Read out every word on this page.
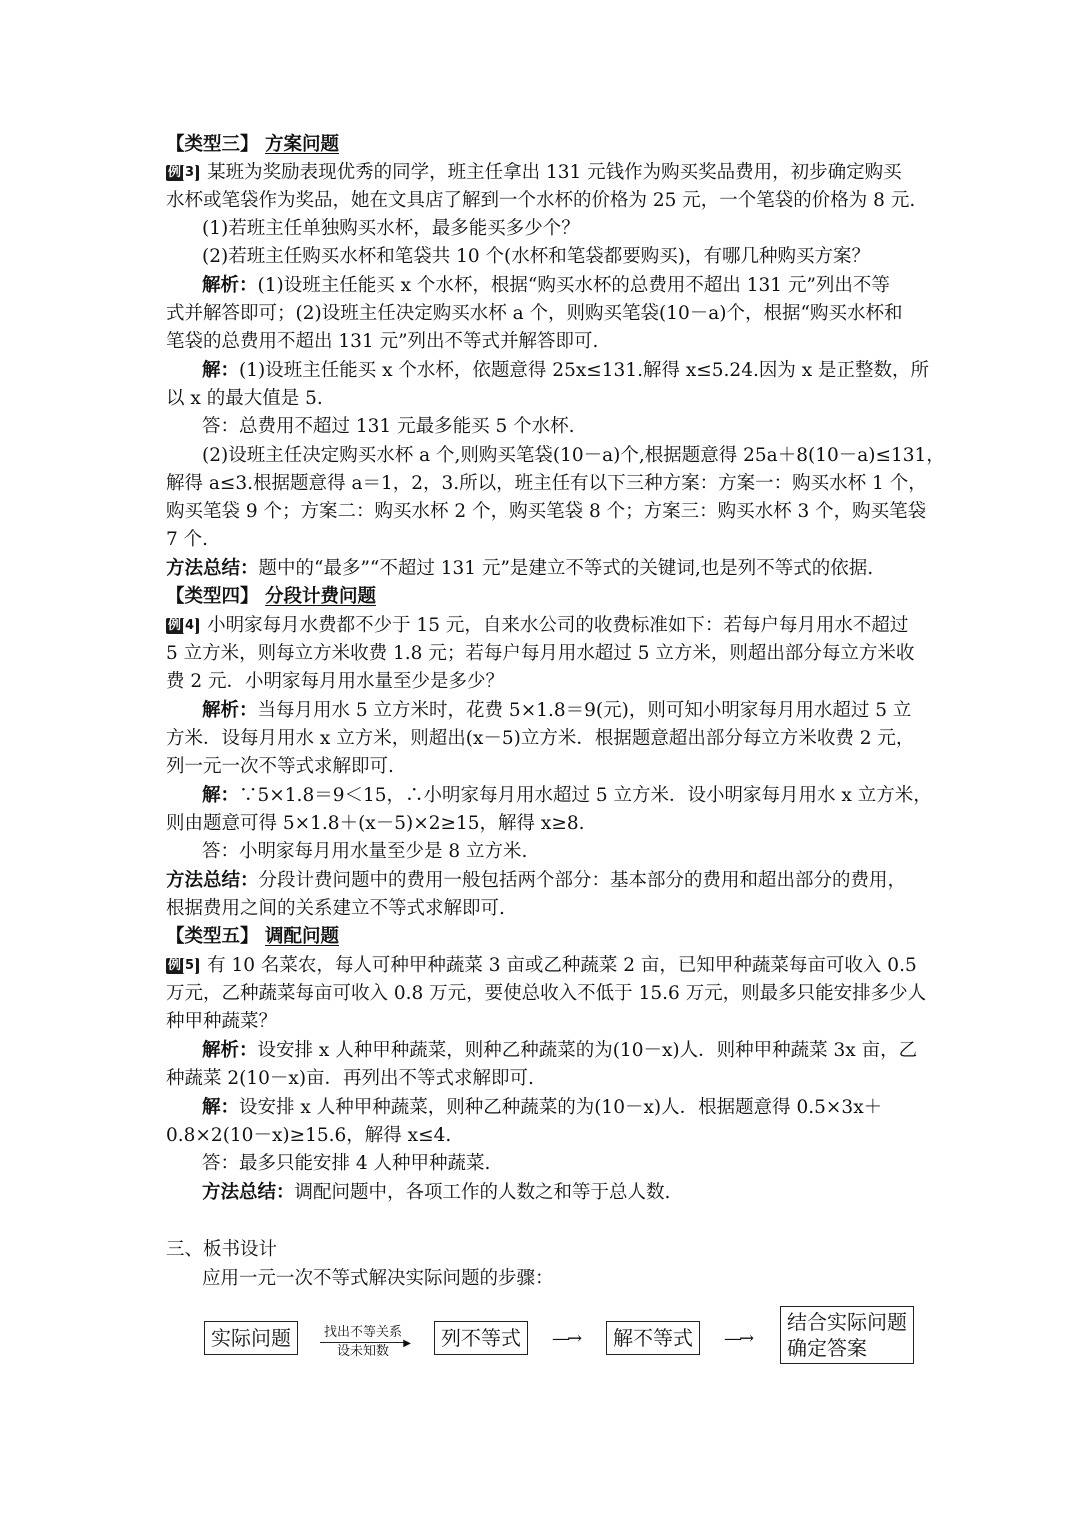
【类型三】 方案问题
例 3 某班为奖励表现优秀的同学，班主任拿出 131 元钱作为购买奖品费用，初步确定购买
水杯或笔袋作为奖品，她在文具店了解到一个水杯的价格为 25 元，一个笔袋的价格为 8 元.
(1)若班主任单独购买水杯，最多能买多少个？
(2)若班主任购买水杯和笔袋共 10 个(水杯和笔袋都要购买)，有哪几种购买方案？
解析：(1)设班主任能买 x 个水杯，根据“购买水杯的总费用不超出 131 元”列出不等
式并解答即可；(2)设班主任决定购买水杯 a 个，则购买笔袋(10－a)个，根据“购买水杯和
笔袋的总费用不超出 131 元”列出不等式并解答即可.
解：(1)设班主任能买 x 个水杯，依题意得 25x≤131.解得 x≤5.24.因为 x 是正整数，所
以 x 的最大值是 5.
答：总费用不超过 131 元最多能买 5 个水杯.
(2)设班主任决定购买水杯 a 个,则购买笔袋(10－a)个,根据题意得 25a＋8(10－a)≤131，
解得 a≤3.根据题意得 a＝1，2，3.所以，班主任有以下三种方案：方案一：购买水杯 1 个，
购买笔袋 9 个；方案二：购买水杯 2 个，购买笔袋 8 个；方案三：购买水杯 3 个，购买笔袋
7 个.
方法总结：题中的“最多”“不超过 131 元”是建立不等式的关键词,也是列不等式的依据.
【类型四】 分段计费问题
例 4 小明家每月水费都不少于 15 元，自来水公司的收费标准如下：若每户每月用水不超过
5 立方米，则每立方米收费 1.8 元；若每户每月用水超过 5 立方米，则超出部分每立方米收
费 2 元．小明家每月用水量至少是多少？
解析：当每月用水 5 立方米时，花费 5×1.8＝9(元)，则可知小明家每月用水超过 5 立
方米．设每月用水 x 立方米，则超出(x－5)立方米．根据题意超出部分每立方米收费 2 元，
列一元一次不等式求解即可.
解：∵5×1.8＝9＜15，∴小明家每月用水超过 5 立方米．设小明家每月用水 x 立方米，
则由题意可得 5×1.8＋(x－5)×2≥15，解得 x≥8.
答：小明家每月用水量至少是 8 立方米.
方法总结：分段计费问题中的费用一般包括两个部分：基本部分的费用和超出部分的费用，
根据费用之间的关系建立不等式求解即可.
【类型五】 调配问题
例 5 有 10 名菜农，每人可种甲种蔬菜 3 亩或乙种蔬菜 2 亩，已知甲种蔬菜每亩可收入 0.5
万元，乙种蔬菜每亩可收入 0.8 万元，要使总收入不低于 15.6 万元，则最多只能安排多少人
种甲种蔬菜？
解析：设安排 x 人种甲种蔬菜，则种乙种蔬菜的为(10－x)人．则种甲种蔬菜 3x 亩，乙
种蔬菜 2(10－x)亩．再列出不等式求解即可.
解：设安排 x 人种甲种蔬菜，则种乙种蔬菜的为(10－x)人．根据题意得 0.5×3x＋
0.8×2(10－x)≥15.6，解得 x≤4.
答：最多只能安排 4 人种甲种蔬菜.
方法总结：调配问题中，各项工作的人数之和等于总人数.
三、板书设计
应用一元一次不等式解决实际问题的步骤：
实际问题	找出不等关系
▶
设未知数
列不等式	—→	解不等式	—→
结合实际问题
确定答案
